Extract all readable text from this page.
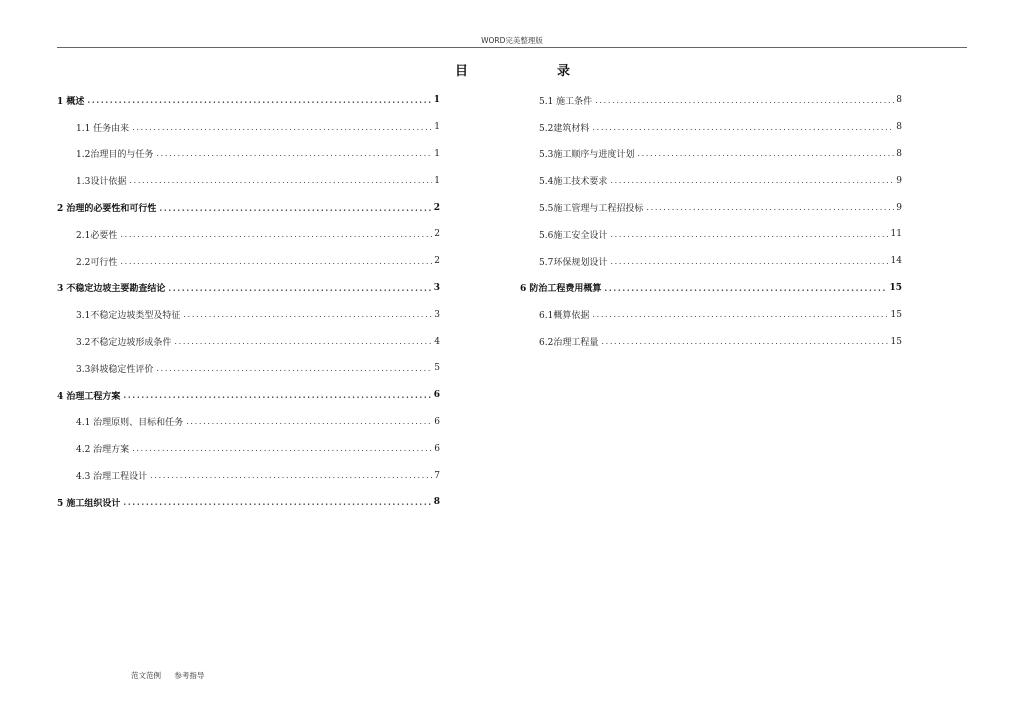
WORD完美整理版
目	录
1 概述 .....	1
1.1 任务由来 .....	1
1.2治理目的与任务 .....	1
1.3设计依据 .....	1
2 治理的必要性和可行性 .....	2
2.1必要性 .....	2
2.2可行性 .....	2
3 不稳定边坡主要勘查结论 .....	3
3.1不稳定边坡类型及特征 .....	3
3.2不稳定边坡形成条件 .....	4
3.3斜坡稳定性评价 .....	5
4 治理工程方案 .....	6
4.1 治理原则、目标和任务 .....	6
4.2 治理方案 .....	6
4.3 治理工程设计 .....	7
5 施工组织设计 .....	8
5.1 施工条件 .....	8
5.2建筑材料 .....	8
5.3施工顺序与进度计划 .....	8
5.4施工技术要求 .....	9
5.5施工管理与工程招投标 .....	9
5.6施工安全设计 .....	11
5.7环保规划设计 .....	14
6 防治工程费用概算 .....	15
6.1概算依据 .....	15
6.2治理工程量 .....	15
范文范例 参考指导
